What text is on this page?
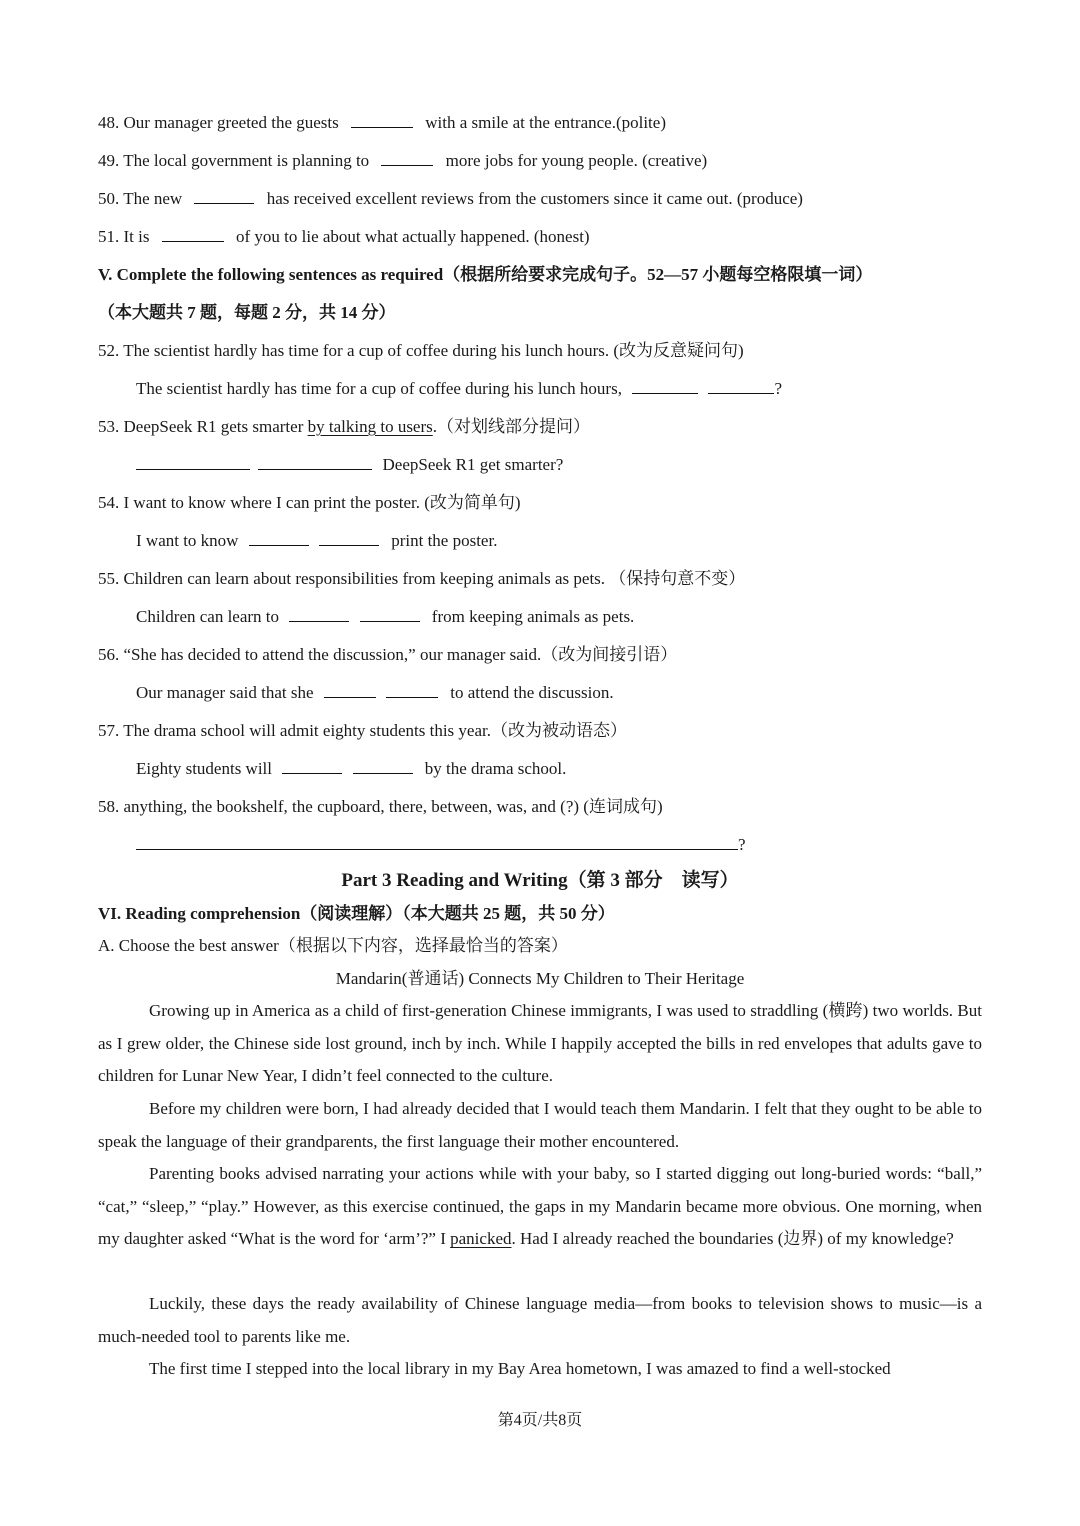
48. Our manager greeted the guests	with a smile at the entrance.(polite)
49. The local government is planning to	more jobs for young people. (creative)
50. The new	has received excellent reviews from the customers since it came out. (produce)
51. It is	of you to lie about what actually happened. (honest)
V. Complete the following sentences as required（根据所给要求完成句子。52—57 小题每空格限填一词）
（本大题共 7 题，每题 2 分，共 14 分）
52. The scientist hardly has time for a cup of coffee during his lunch hours. (改为反意疑问句)
The scientist hardly has time for a cup of coffee during his lunch hours,	?
53. DeepSeek R1 gets smarter by talking to users.（对划线部分提问）
DeepSeek R1 get smarter?
54. I want to know where I can print the poster. (改为简单句)
I want to know	print the poster.
55. Children can learn about responsibilities from keeping animals as pets. （保持句意不变）
Children can learn to	from keeping animals as pets.
56. “She has decided to attend the discussion,” our manager said.（改为间接引语）
Our manager said that she	to attend the discussion.
57. The drama school will admit eighty students this year.（改为被动语态）
Eighty students will	by the drama school.
58. anything, the bookshelf, the cupboard, there, between, was, and (?) (连词成句)
?
Part 3 Reading and Writing（第 3 部分　读写）
VI. Reading comprehension（阅读理解）（本大题共 25 题，共 50 分）
A. Choose the best answer（根据以下内容，选择最恰当的答案）
Mandarin(普通话) Connects My Children to Their Heritage

Growing up in America as a child of first-generation Chinese immigrants, I was used to straddling (横跨) two worlds. But as I grew older, the Chinese side lost ground, inch by inch. While I happily accepted the bills in red envelopes that adults gave to children for Lunar New Year, I didn’t feel connected to the culture.

Before my children were born, I had already decided that I would teach them Mandarin. I felt that they ought to be able to speak the language of their grandparents, the first language their mother encountered.

Parenting books advised narrating your actions while with your baby, so I started digging out long-buried words: “ball,” “cat,” “sleep,” “play.” However, as this exercise continued, the gaps in my Mandarin became more obvious. One morning, when my daughter asked “What is the word for ‘arm’?” I panicked. Had I already reached the boundaries (边界) of my knowledge?

Luckily, these days the ready availability of Chinese language media—from books to television shows to music—is a much-needed tool to parents like me.

The first time I stepped into the local library in my Bay Area hometown, I was amazed to find a well-stocked

第4页/共8页
